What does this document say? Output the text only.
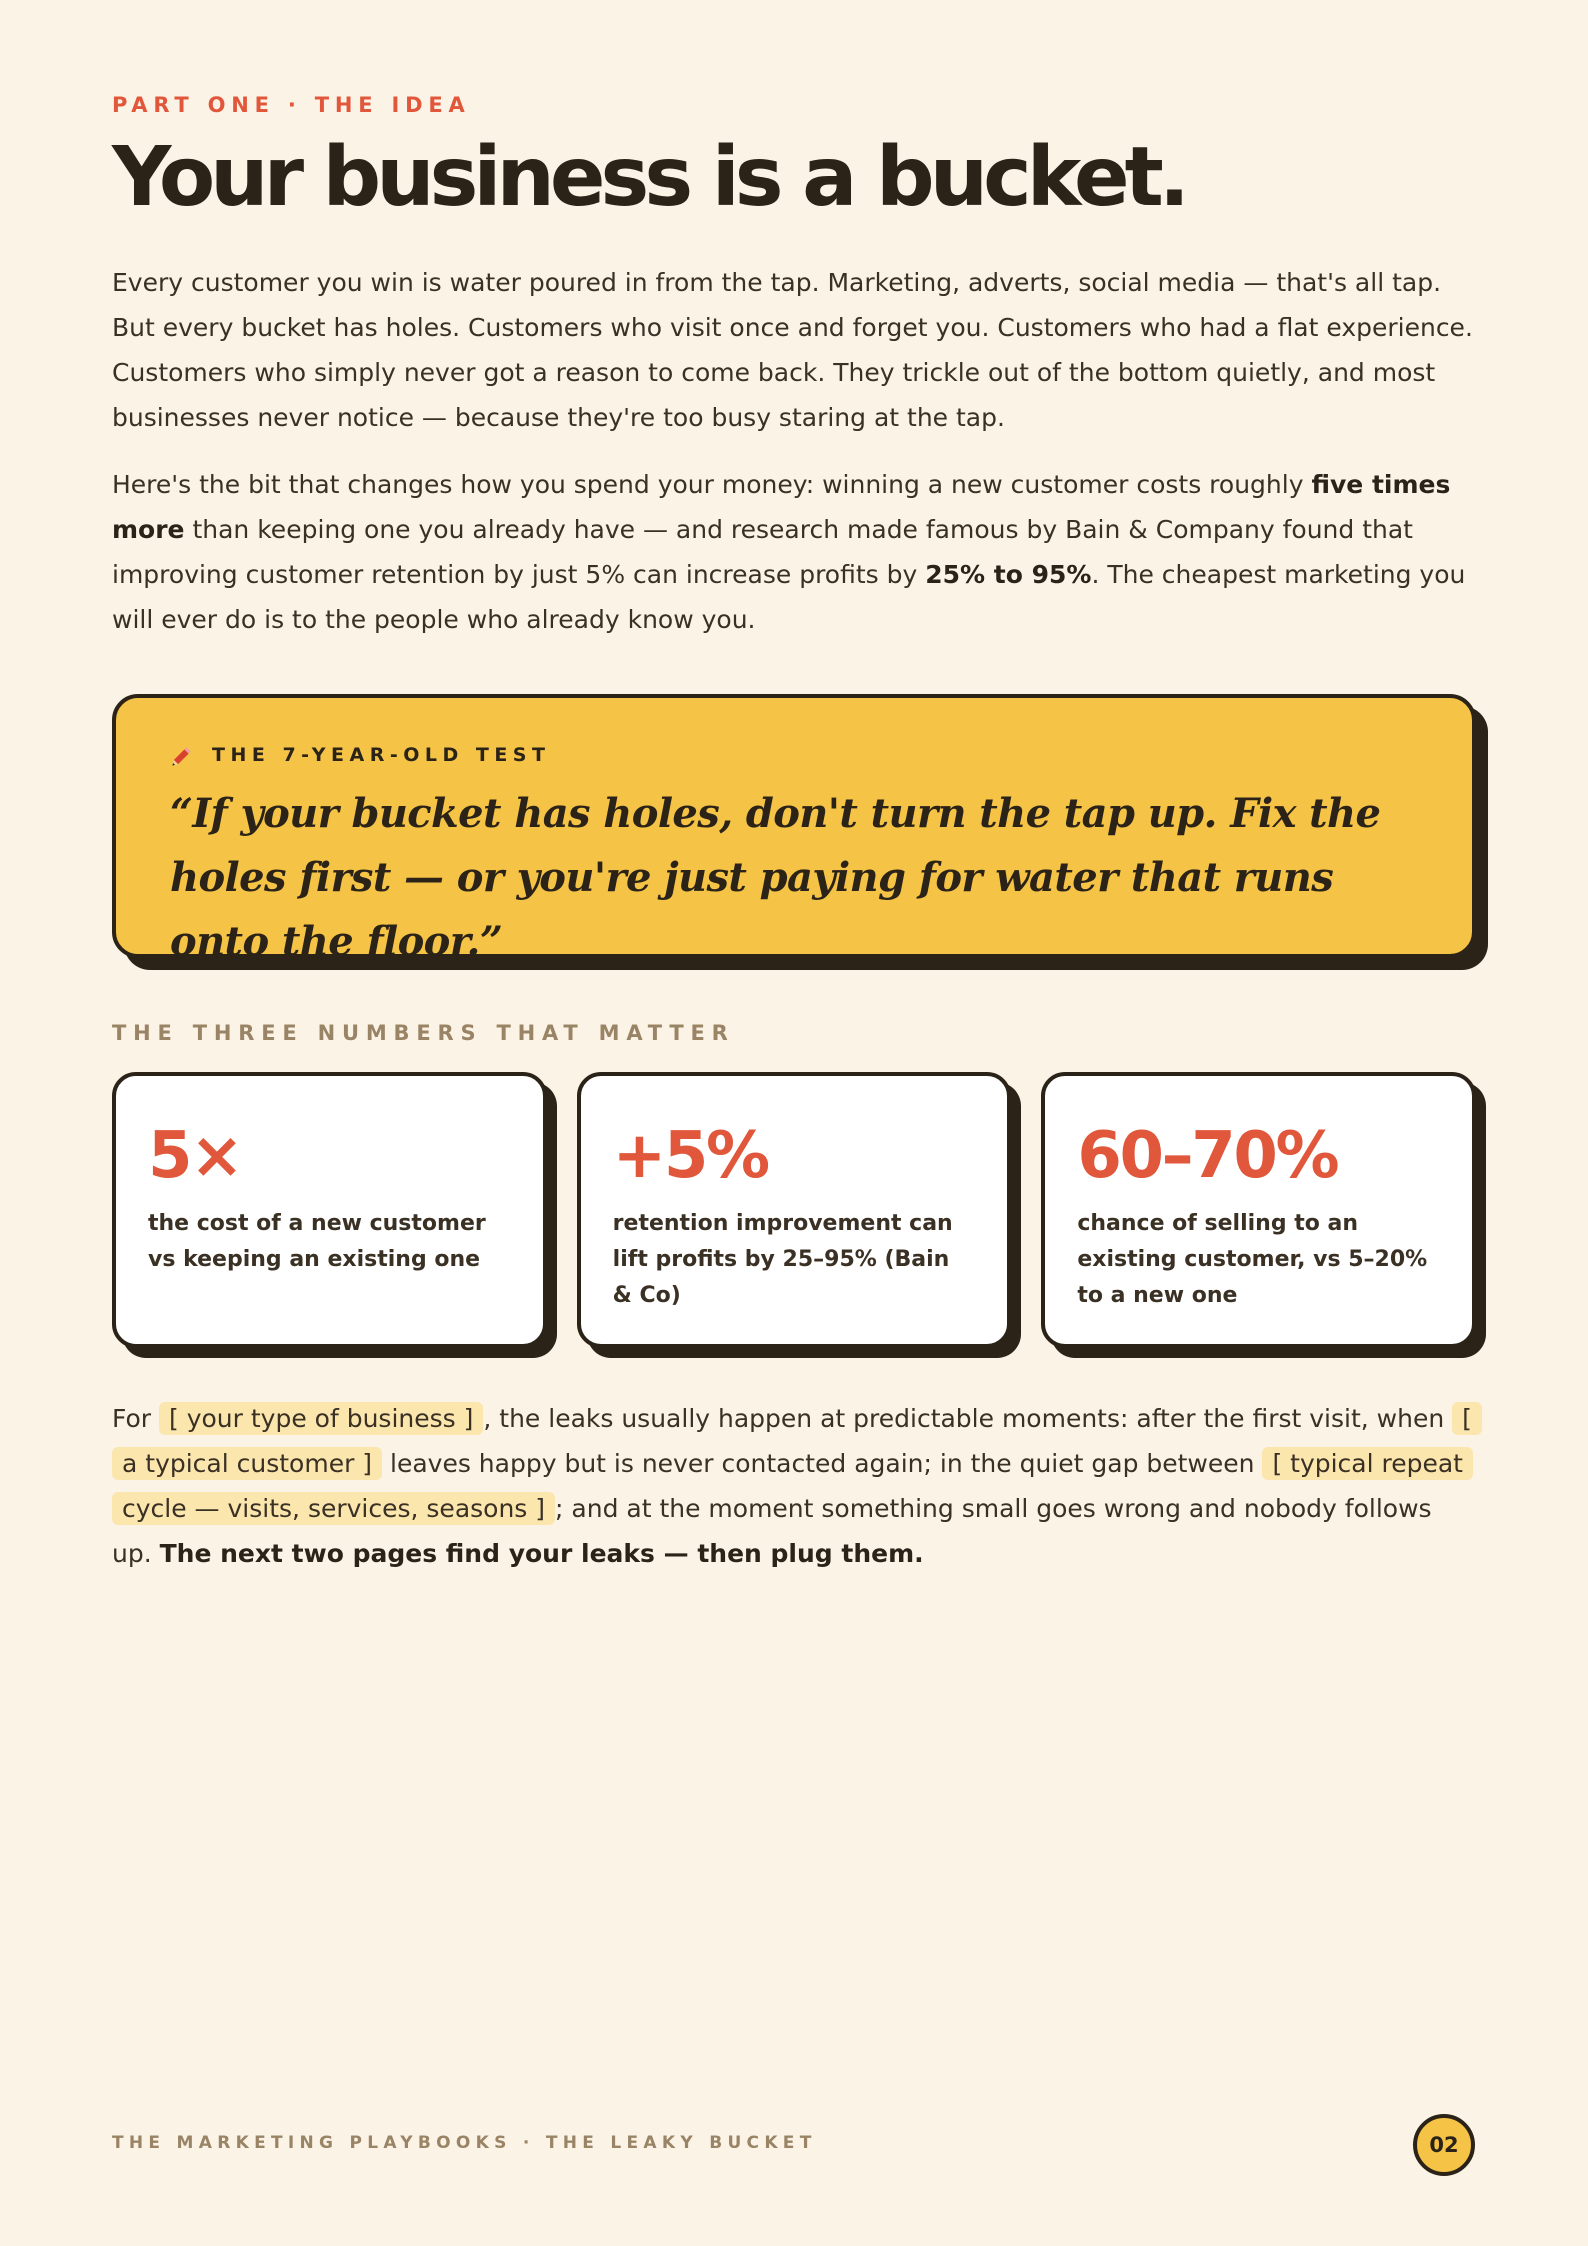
PART ONE · THE IDEA
Your business is a bucket.

Every customer you win is water poured in from the tap. Marketing, adverts, social media — that's all tap. But every bucket has holes. Customers who visit once and forget you. Customers who had a flat experience. Customers who simply never got a reason to come back. They trickle out of the bottom quietly, and most businesses never notice — because they're too busy staring at the tap.

Here's the bit that changes how you spend your money: winning a new customer costs roughly five times more than keeping one you already have — and research made famous by Bain & Company found that improving customer retention by just 5% can increase profits by 25% to 95%. The cheapest marketing you will ever do is to the people who already know you.

THE 7-YEAR-OLD TEST
“If your bucket has holes, don't turn the tap up. Fix the holes first — or you're just paying for water that runs onto the floor.”
THE THREE NUMBERS THAT MATTER
5×
the cost of a new customer vs keeping an existing one
+5%
retention improvement can lift profits by 25–95% (Bain & Co)
60–70%
chance of selling to an existing customer, vs 5–20% to a new one

For [ your type of business ] , the leaks usually happen at predictable moments: after the first visit, when [ a typical customer ] leaves happy but is never contacted again; in the quiet gap between [ typical repeat cycle — visits, services, seasons ] ; and at the moment something small goes wrong and nobody follows up. The next two pages find your leaks — then plug them.

THE MARKETING PLAYBOOKS · THE LEAKY BUCKET	02
